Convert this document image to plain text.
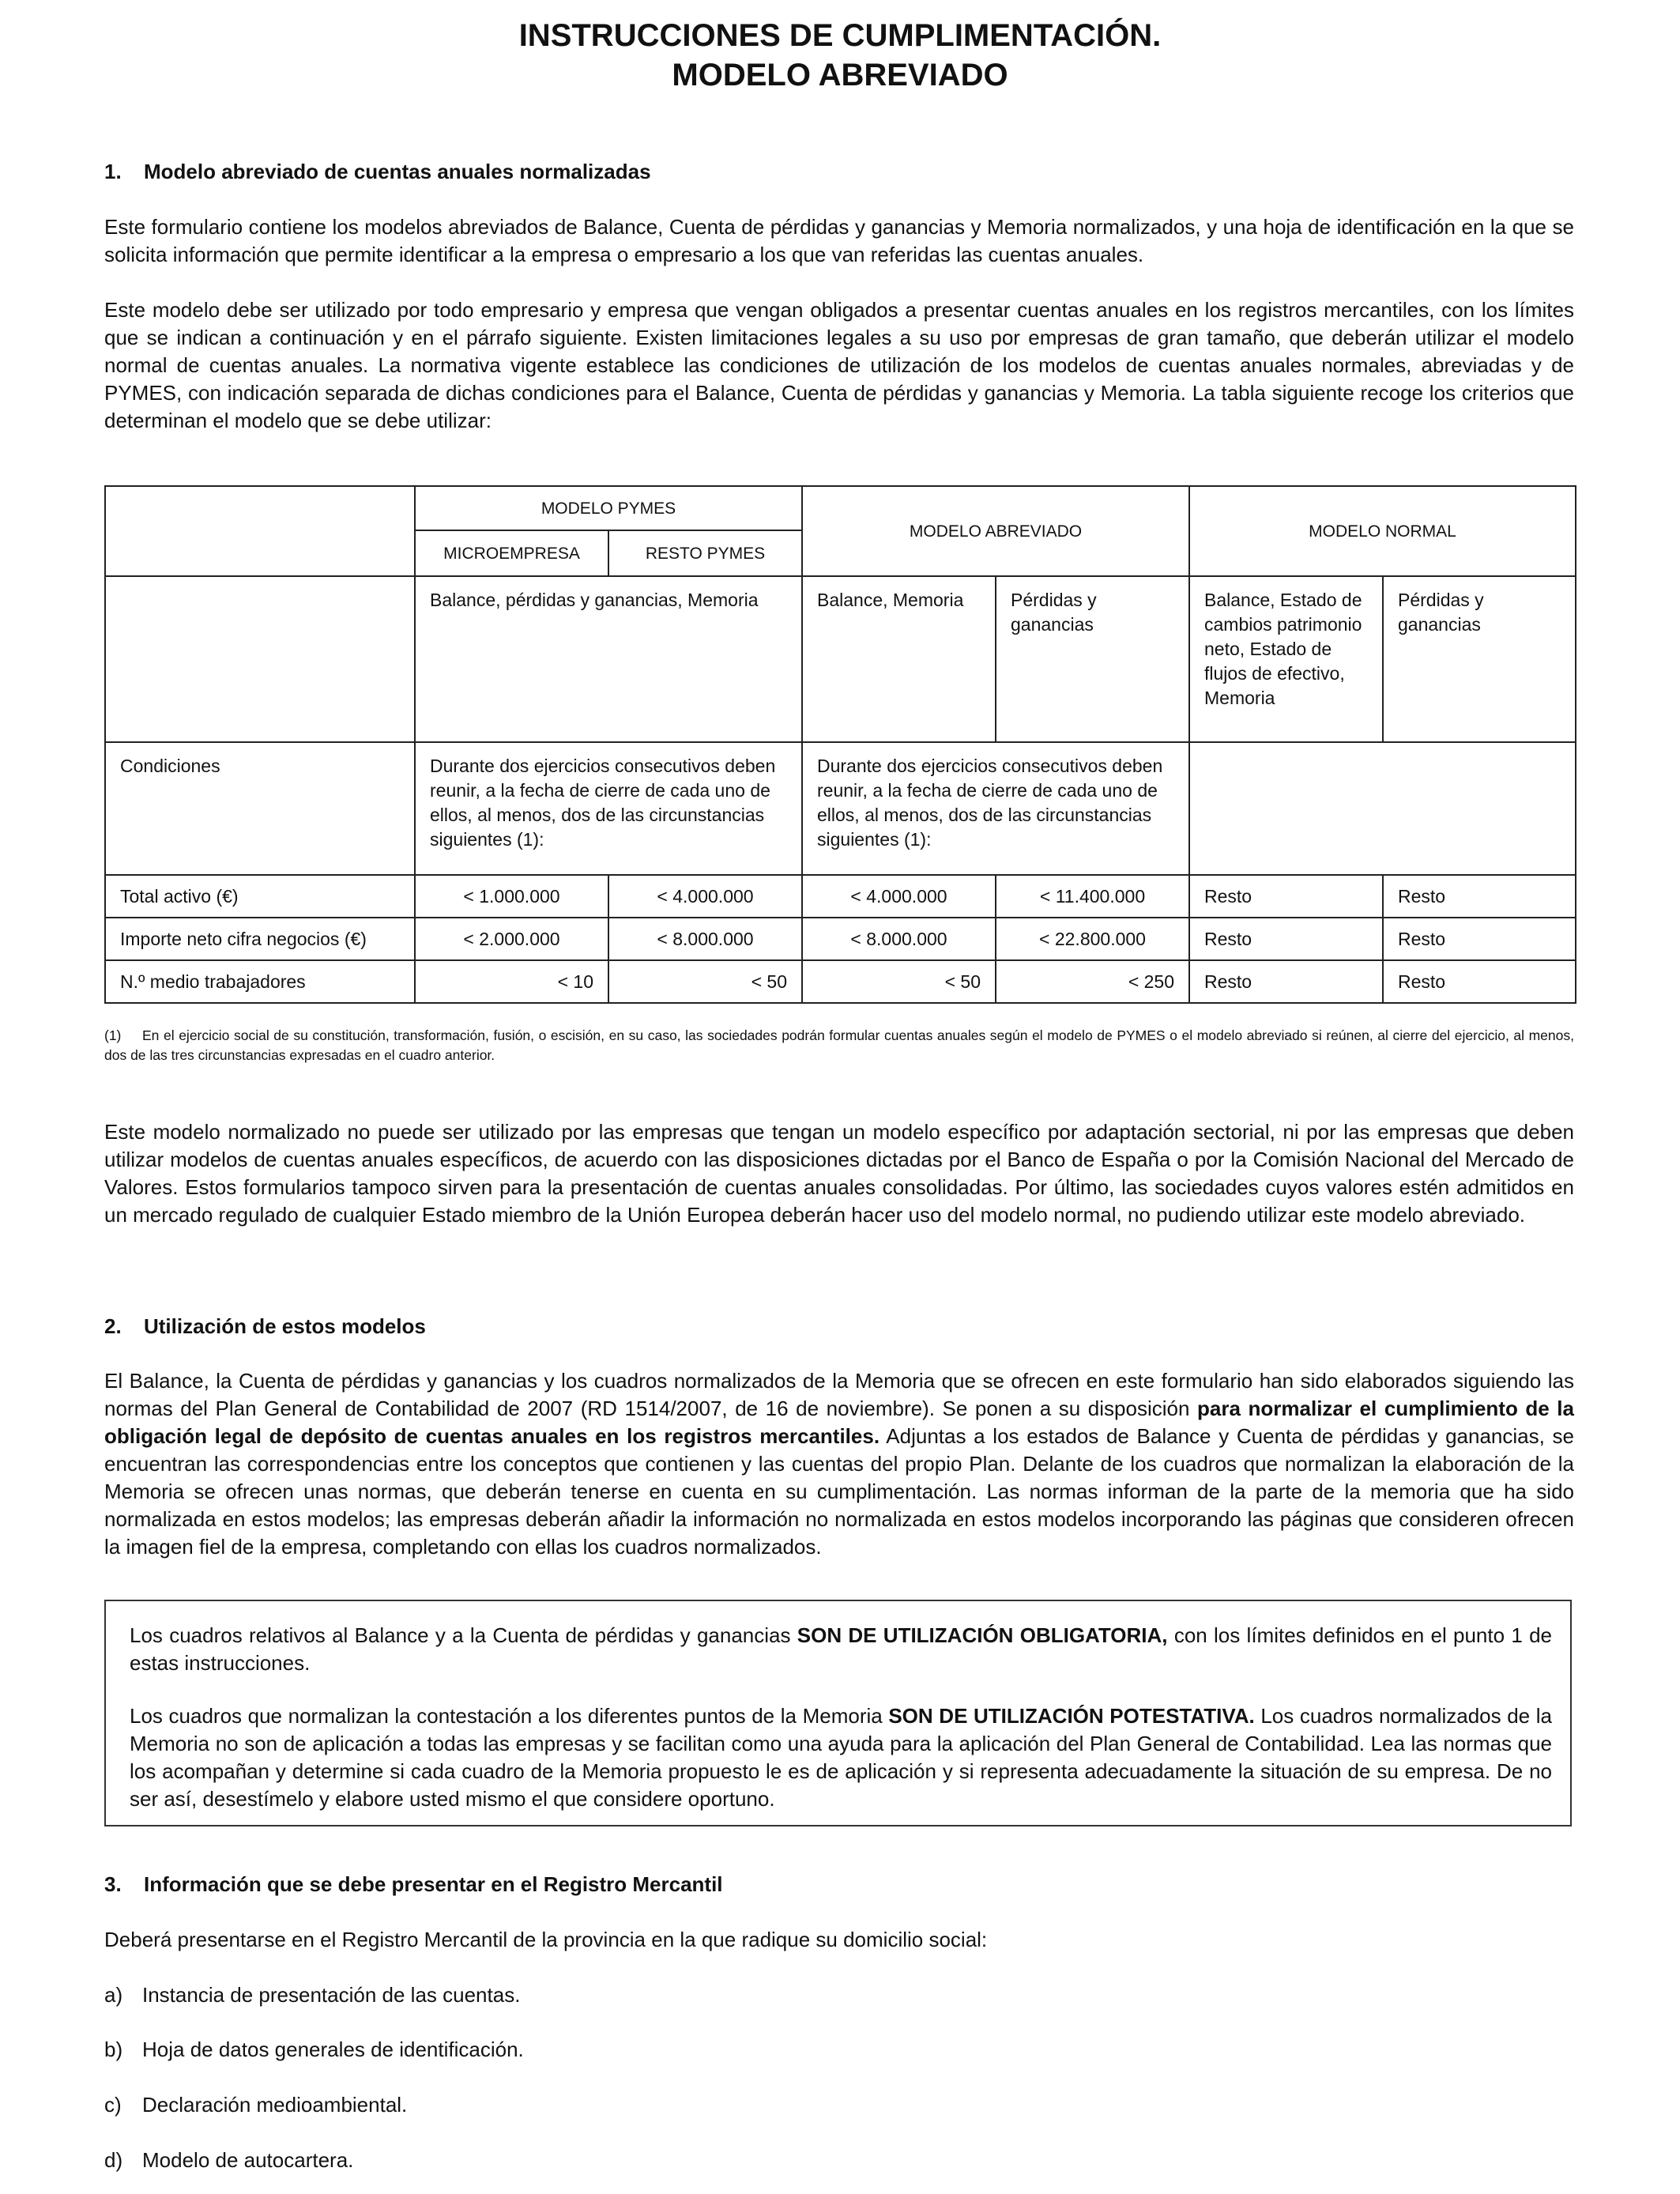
INSTRUCCIONES DE CUMPLIMENTACIÓN.
MODELO ABREVIADO
1. Modelo abreviado de cuentas anuales normalizadas

Este formulario contiene los modelos abreviados de Balance, Cuenta de pérdidas y ganancias y Memoria normalizados, y una hoja de identificación en la que se solicita información que permite identificar a la empresa o empresario a los que van referidas las cuentas anuales.

Este modelo debe ser utilizado por todo empresario y empresa que vengan obligados a presentar cuentas anuales en los registros mercantiles, con los límites que se indican a continuación y en el párrafo siguiente. Existen limitaciones legales a su uso por empresas de gran tamaño, que deberán utilizar el modelo normal de cuentas anuales. La normativa vigente establece las condiciones de utilización de los modelos de cuentas anuales normales, abreviadas y de PYMES, con indicación separada de dichas condiciones para el Balance, Cuenta de pérdidas y ganancias y Memoria. La tabla siguiente recoge los criterios que determinan el modelo que se debe utilizar:

	MODELO PYMES		MODELO ABREVIADO		MODELO NORMAL	
	MICROEMPRESA	RESTO PYMES				
	Balance, pérdidas y ganancias, Memoria		Balance, Memoria	Pérdidas y ganancias	Balance, Estado de cambios patrimonio neto, Estado de flujos de efectivo, Memoria	Pérdidas y ganancias
Condiciones	Durante dos ejercicios consecutivos deben reunir, a la fecha de cierre de cada uno de ellos, al menos, dos de las circunstancias siguientes (1):		Durante dos ejercicios consecutivos deben reunir, a la fecha de cierre de cada uno de ellos, al menos, dos de las circunstancias siguientes (1):			
Total activo (€)	< 1.000.000	< 4.000.000	< 4.000.000	< 11.400.000	Resto	Resto
Importe neto cifra negocios (€)	< 2.000.000	< 8.000.000	< 8.000.000	< 22.800.000	Resto	Resto
N.º medio trabajadores	< 10	< 50	< 50	< 250	Resto	Resto

(1) En el ejercicio social de su constitución, transformación, fusión, o escisión, en su caso, las sociedades podrán formular cuentas anuales según el modelo de PYMES o el modelo abreviado si reúnen, al cierre del ejercicio, al menos, dos de las tres circunstancias expresadas en el cuadro anterior.

Este modelo normalizado no puede ser utilizado por las empresas que tengan un modelo específico por adaptación sectorial, ni por las empresas que deben utilizar modelos de cuentas anuales específicos, de acuerdo con las disposiciones dictadas por el Banco de España o por la Comisión Nacional del Mercado de Valores. Estos formularios tampoco sirven para la presentación de cuentas anuales consolidadas. Por último, las sociedades cuyos valores estén admitidos en un mercado regulado de cualquier Estado miembro de la Unión Europea deberán hacer uso del modelo normal, no pudiendo utilizar este modelo abreviado.

2. Utilización de estos modelos

El Balance, la Cuenta de pérdidas y ganancias y los cuadros normalizados de la Memoria que se ofrecen en este formulario han sido elaborados siguiendo las normas del Plan General de Contabilidad de 2007 (RD 1514/2007, de 16 de noviembre). Se ponen a su disposición para normalizar el cumplimiento de la obligación legal de depósito de cuentas anuales en los registros mercantiles. Adjuntas a los estados de Balance y Cuenta de pérdidas y ganancias, se encuentran las correspondencias entre los conceptos que contienen y las cuentas del propio Plan. Delante de los cuadros que normalizan la elaboración de la Memoria se ofrecen unas normas, que deberán tenerse en cuenta en su cumplimentación. Las normas informan de la parte de la memoria que ha sido normalizada en estos modelos; las empresas deberán añadir la información no normalizada en estos modelos incorporando las páginas que consideren ofrecen la imagen fiel de la empresa, completando con ellas los cuadros normalizados.

Los cuadros relativos al Balance y a la Cuenta de pérdidas y ganancias SON DE UTILIZACIÓN OBLIGATORIA, con los límites definidos en el punto 1 de estas instrucciones.

Los cuadros que normalizan la contestación a los diferentes puntos de la Memoria SON DE UTILIZACIÓN POTESTATIVA. Los cuadros normalizados de la Memoria no son de aplicación a todas las empresas y se facilitan como una ayuda para la aplicación del Plan General de Contabilidad. Lea las normas que los acompañan y determine si cada cuadro de la Memoria propuesto le es de aplicación y si representa adecuadamente la situación de su empresa. De no ser así, desestímelo y elabore usted mismo el que considere oportuno.

3. Información que se debe presentar en el Registro Mercantil
Deberá presentarse en el Registro Mercantil de la provincia en la que radique su domicilio social:
a) Instancia de presentación de las cuentas.
b) Hoja de datos generales de identificación.
c) Declaración medioambiental.
d) Modelo de autocartera.
